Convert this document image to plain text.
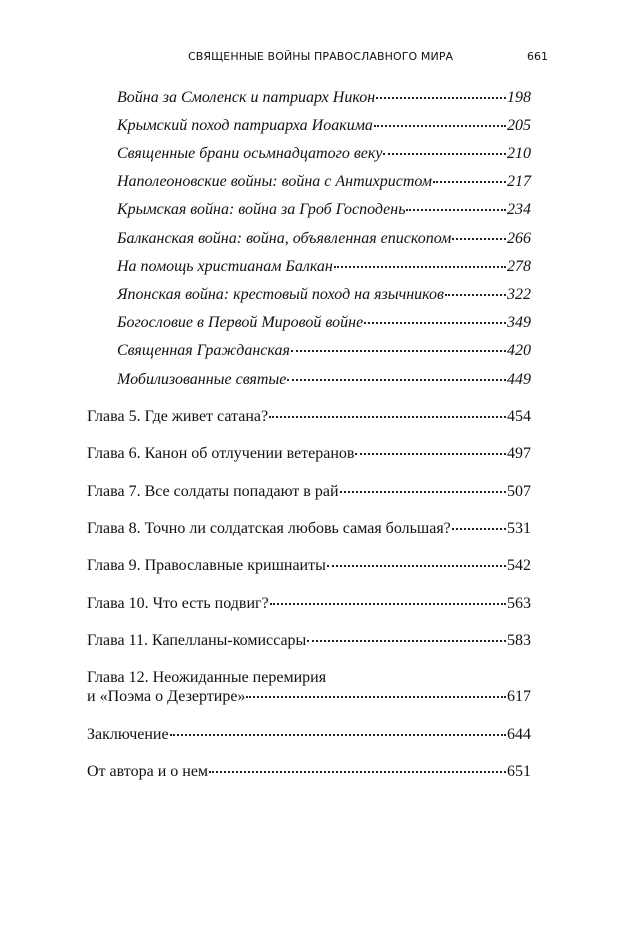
СВЯЩЕННЫЕ ВОЙНЫ ПРАВОСЛАВНОГО МИРА	661
Война за Смоленск и патриарх Никон	198
Крымский поход патриарха Иоакима	205
Священные брани осьмнадцатого веку	210
Наполеоновские войны: война с Антихристом	217
Крымская война: война за Гроб Господень	234
Балканская война: война, объявленная епископом	266
На помощь христианам Балкан	278
Японская война: крестовый поход на язычников	322
Богословие в Первой Мировой войне	349
Священная Гражданская	420
Мобилизованные святые	449
Глава 5. Где живет сатана?	454
Глава 6. Канон об отлучении ветеранов	497
Глава 7. Все солдаты попадают в рай	507
Глава 8. Точно ли солдатская любовь самая большая?	531
Глава 9. Православные кришнаиты	542
Глава 10. Что есть подвиг?	563
Глава 11. Капелланы-комиссары	583
Глава 12. Неожиданные перемирия
и «Поэма о Дезертире»	617
Заключение	644
От автора и о нем	651
